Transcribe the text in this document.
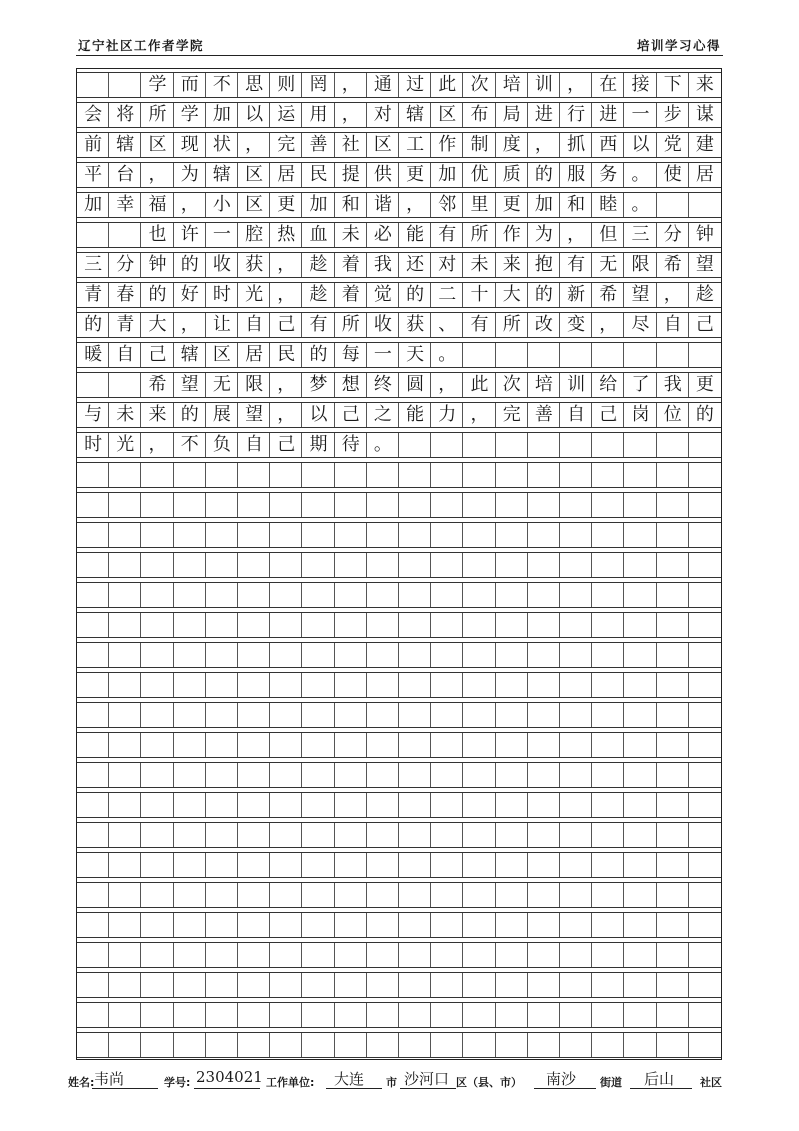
辽宁社区工作者学院	培训学习心得

学 而 不 思 则 罔 ， 通 过 此 次 培 训 ， 在 接 下 来
会 将 所 学 加 以 运 用 ， 对 辖 区 布 局 进 行 进 一 步 谋
前 辖 区 现 状 ， 完 善 社 区 工 作 制 度 ， 抓 西 以 党 建
平 台 ， 为 辖 区 居 民 提 供 更 加 优 质 的 服 务 。 使 居
加 幸 福 ， 小 区 更 加 和 谐 ， 邻 里 更 加 和 睦 。

也 许 一 腔 热 血 未 必 能 有 所 作 为 ， 但 三 分 钟
三 分 钟 的 收 获 ， 趁 着 我 还 对 未 来 抱 有 无 限 希 望
青 春 的 好 时 光 ， 趁 着 觉 的 二 十 大 的 新 希 望 ， 趁
的 青 大 ， 让 自 己 有 所 收 获 、 有 所 改 变 ， 尽 自 己
暖 自 己 辖 区 居 民 的 每 一 天 。

希 望 无 限 ， 梦 想 终 圆 ， 此 次 培 训 给 了 我 更
与 未 来 的 展 望 ， 以 己 之 能 力 ， 完 善 自 己 岗 位 的
时 光 ， 不 负 自 己 期 待 。
姓名: 韦尚	学号: 2304021 工作单位: 大连 市 沙河口 区（县、市） 南沙 街道 后山 社区
